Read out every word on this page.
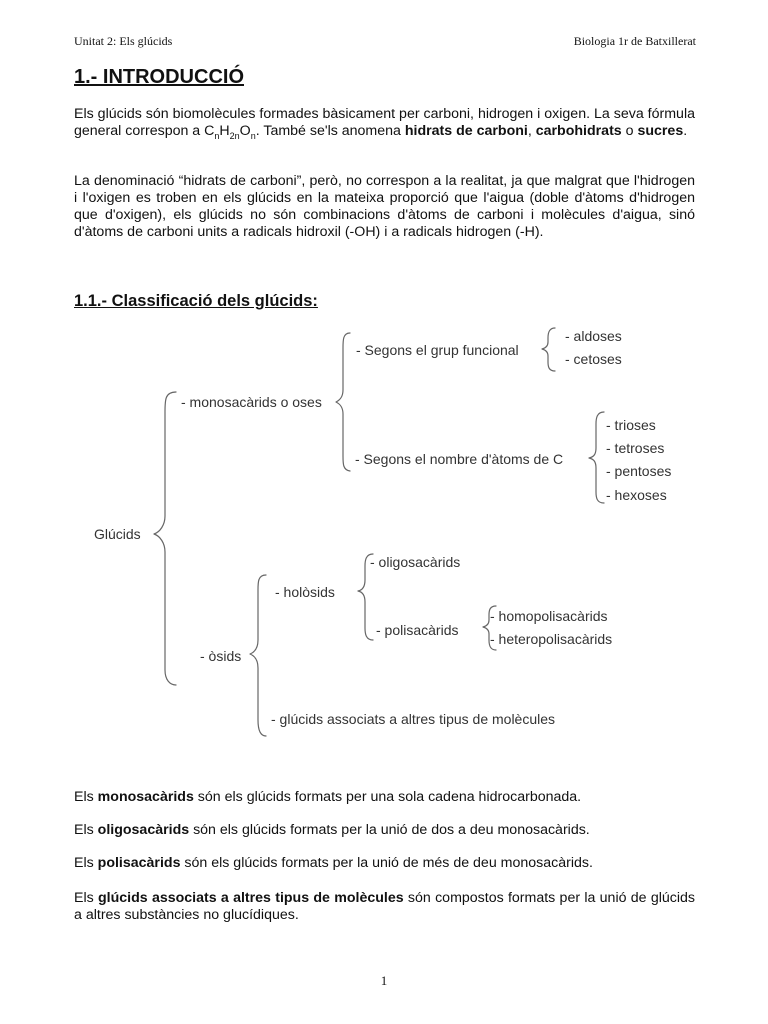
Unitat 2: Els glúcids	Biologia 1r de Batxillerat
1.- INTRODUCCIÓ

Els glúcids són biomolècules formades bàsicament per carboni, hidrogen i oxigen. La seva fórmula general correspon a $C_nH_{2n}O_n$. També se'ls anomena hidrats de carboni, carbohidrats o sucres.

La denominació “hidrats de carboni”, però, no correspon a la realitat, ja que malgrat que l'hidrogen i l'oxigen es troben en els glúcids en la mateixa proporció que l'aigua (doble d'àtoms d'hidrogen que d'oxigen), els glúcids no són combinacions d'àtoms de carboni i molècules d'aigua, sinó d'àtoms de carboni units a radicals hidroxil (-OH) i a radicals hidrogen (-H).

1.1.- Classificació dels glúcids:
Glúcids
- monosacàrids o oses
- Segons el grup funcional
- aldoses
- cetoses
- Segons el nombre d'àtoms de C
- trioses
- tetroses
- pentoses
- hexoses
- òsids
- holòsids
- oligosacàrids
- polisacàrids
- homopolisacàrids
- heteropolisacàrids
- glúcids associats a altres tipus de molècules

Els monosacàrids són els glúcids formats per una sola cadena hidrocarbonada.

Els oligosacàrids són els glúcids formats per la unió de dos a deu monosacàrids.

Els polisacàrids són els glúcids formats per la unió de més de deu monosacàrids.

Els glúcids associats a altres tipus de molècules són compostos formats per la unió de glúcids a altres substàncies no glucídiques.

1
